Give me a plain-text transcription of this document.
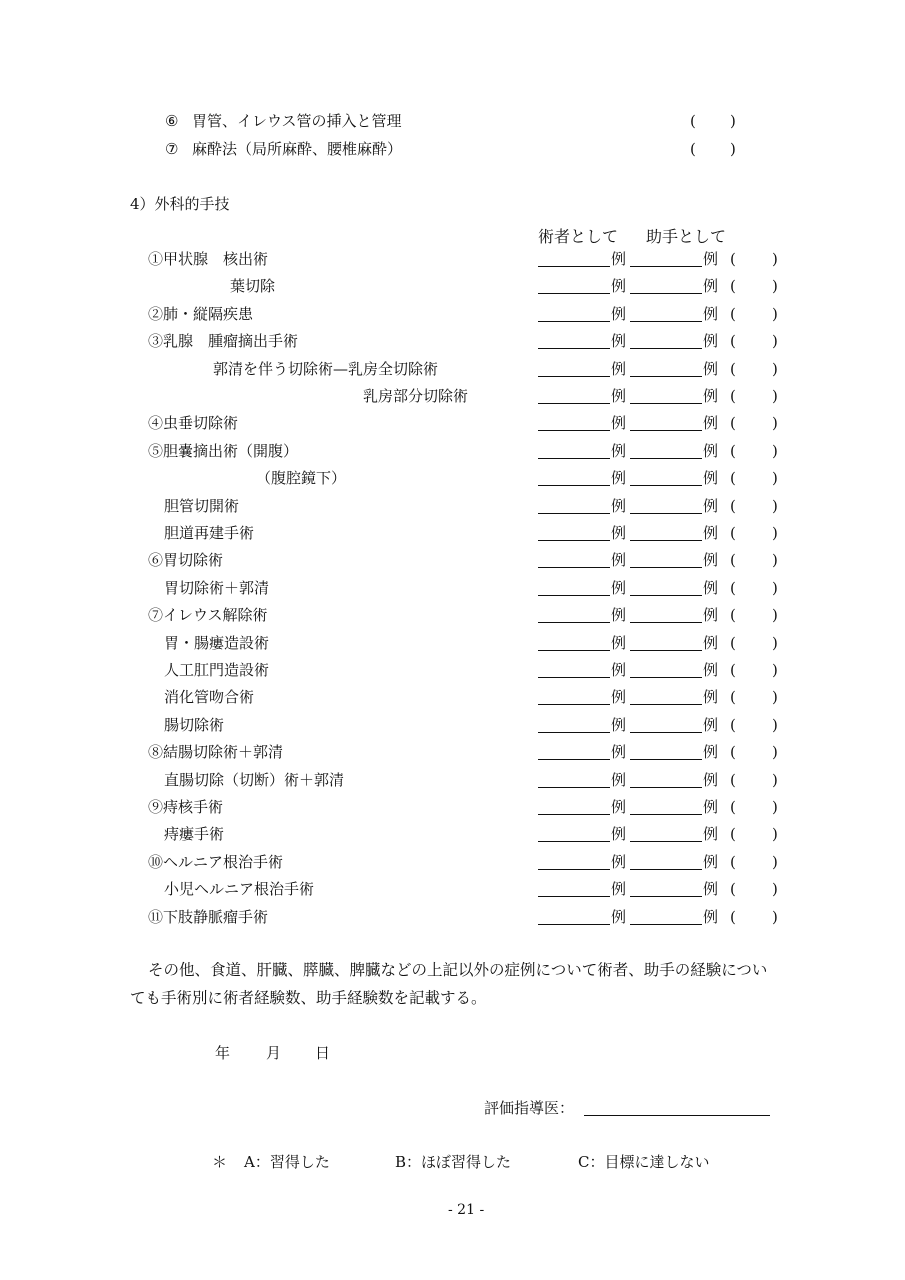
⑥ 胃管、イレウス管の挿入と管理	( )
⑦ 麻酔法（局所麻酔、腰椎麻酔）	( )
4）外科的手技
術者として 助手として
①甲状腺　核出術	例	例 ( )
葉切除	例	例 ( )
②肺・縦隔疾患	例	例 ( )
③乳腺　腫瘤摘出手術	例	例 ( )
郭清を伴う切除術—乳房全切除術	例	例 ( )
乳房部分切除術	例	例 ( )
④虫垂切除術	例	例 ( )
⑤胆嚢摘出術（開腹）	例	例 ( )
（腹腔鏡下）	例	例 ( )
胆管切開術	例	例 ( )
胆道再建手術	例	例 ( )
⑥胃切除術	例	例 ( )
胃切除術＋郭清	例	例 ( )
⑦イレウス解除術	例	例 ( )
胃・腸瘻造設術	例	例 ( )
人工肛門造設術	例	例 ( )
消化管吻合術	例	例 ( )
腸切除術	例	例 ( )
⑧結腸切除術＋郭清	例	例 ( )
直腸切除（切断）術＋郭清	例	例 ( )
⑨痔核手術	例	例 ( )
痔瘻手術	例	例 ( )
⑩ヘルニア根治手術	例	例 ( )
小児ヘルニア根治手術	例	例 ( )
⑪下肢静脈瘤手術	例	例 ( )
その他、食道、肝臓、膵臓、脾臓などの上記以外の症例について術者、助手の経験につい
ても手術別に術者経験数、助手経験数を記載する。
年 月 日
評価指導医：
＊ A：習得した	B：ほぼ習得した	C：目標に達しない
- 21 -
